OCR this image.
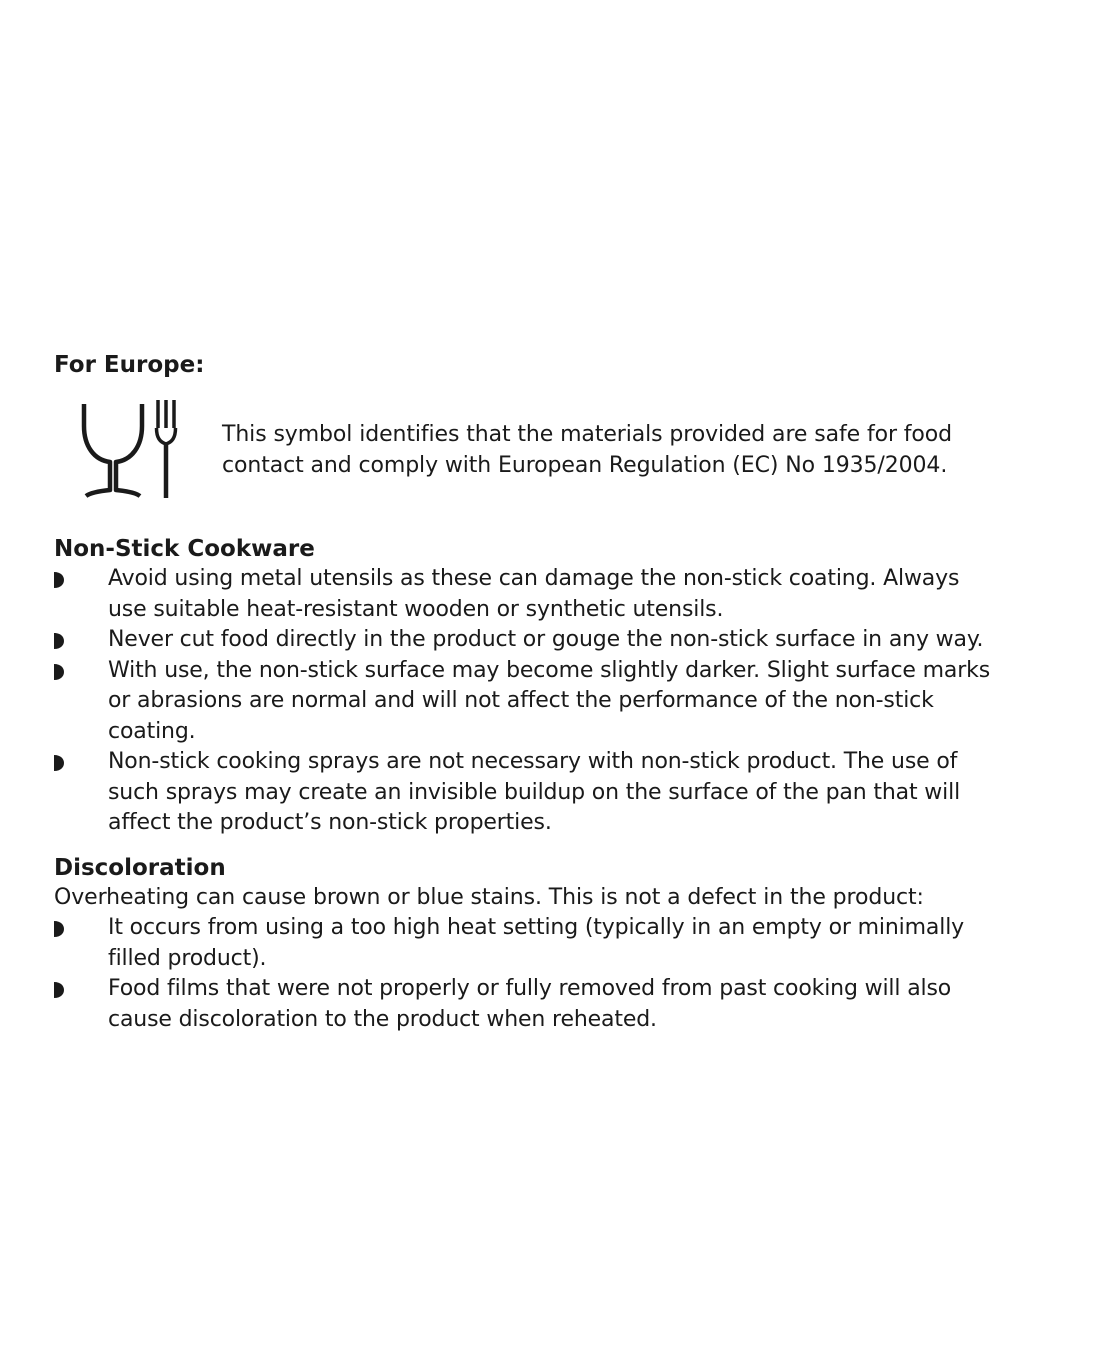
For Europe:
This symbol identifies that the materials provided are safe for food
contact and comply with European Regulation (EC) No 1935/2004.
Non-Stick Cookware
Avoid using metal utensils as these can damage the non-stick coating. Always
use suitable heat-resistant wooden or synthetic utensils.
Never cut food directly in the product or gouge the non-stick surface in any way.
With use, the non-stick surface may become slightly darker. Slight surface marks
or abrasions are normal and will not affect the performance of the non-stick
coating.
Non-stick cooking sprays are not necessary with non-stick product. The use of
such sprays may create an invisible buildup on the surface of the pan that will
affect the product’s non-stick properties.
Discoloration

Overheating can cause brown or blue stains. This is not a defect in the product:

It occurs from using a too high heat setting (typically in an empty or minimally
filled product).
Food films that were not properly or fully removed from past cooking will also
cause discoloration to the product when reheated.
